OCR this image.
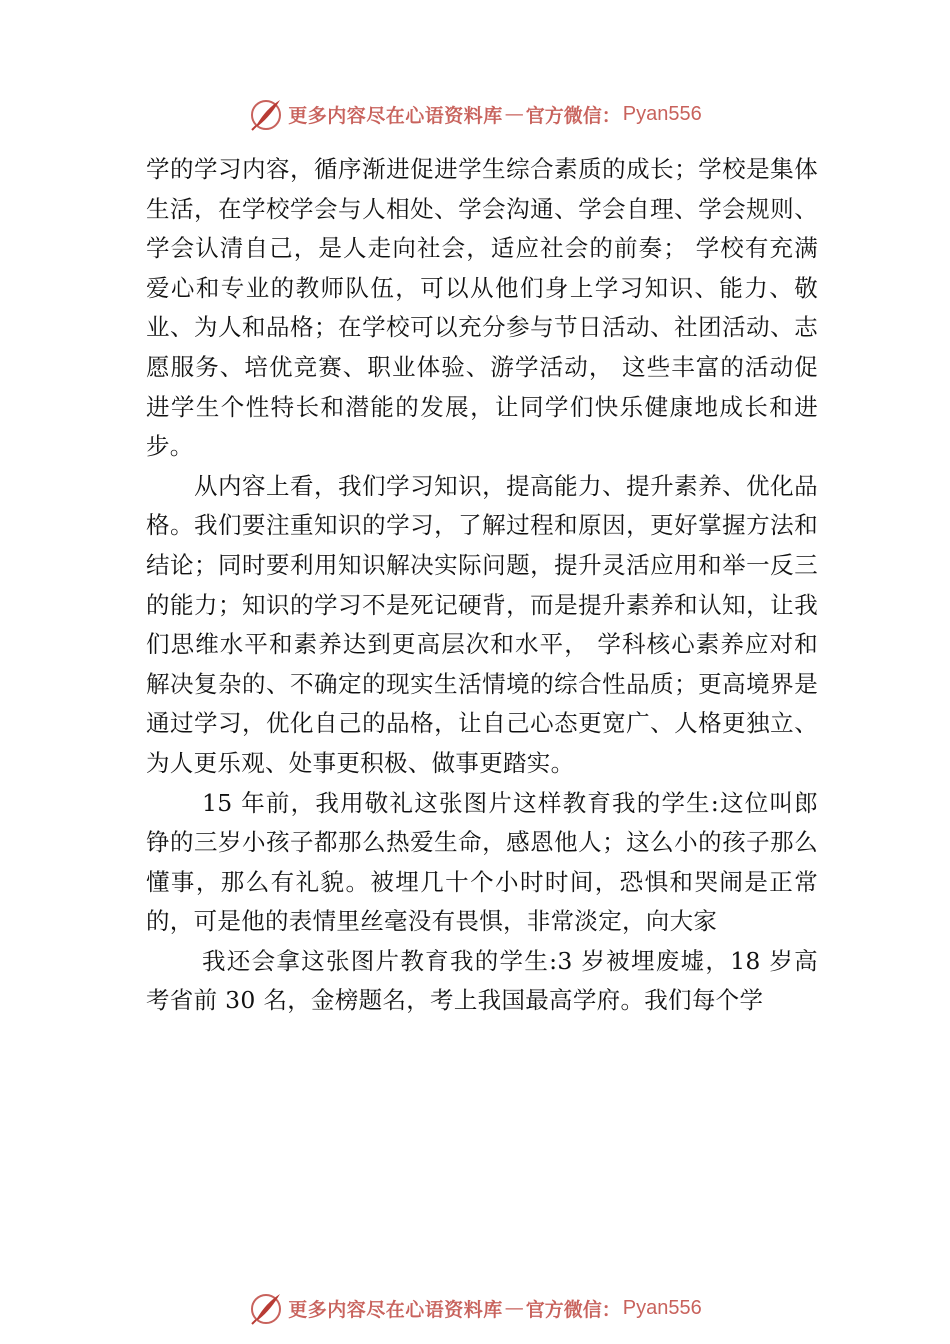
更多内容尽在心语资料库 — 官方微信： Pyan556

学的学习内容，循序渐进促进学生综合素质的成长；学校是集体生活，在学校学会与人相处、学会沟通、学会自理、学会规则、学会认清自己，是人走向社会，适应社会的前奏； 学校有充满爱心和专业的教师队伍，可以从他们身上学习知识、能力、敬业、为人和品格；在学校可以充分参与节日活动、社团活动、志愿服务、培优竞赛、职业体验、游学活动， 这些丰富的活动促进学生个性特长和潜能的发展，让同学们快乐健康地成长和进步。

从内容上看，我们学习知识，提高能力、提升素养、优化品格。我们要注重知识的学习，了解过程和原因，更好掌握方法和结论；同时要利用知识解决实际问题，提升灵活应用和举一反三的能力；知识的学习不是死记硬背，而是提升素养和认知，让我们思维水平和素养达到更高层次和水平， 学科核心素养应对和解决复杂的、不确定的现实生活情境的综合性品质；更高境界是通过学习，优化自己的品格，让自己心态更宽广、人格更独立、为人更乐观、处事更积极、做事更踏实。

15 年前，我用敬礼这张图片这样教育我的学生:这位叫郎铮的三岁小孩子都那么热爱生命，感恩他人；这么小的孩子那么懂事，那么有礼貌。被埋几十个小时时间，恐惧和哭闹是正常的，可是他的表情里丝毫没有畏惧，非常淡定，向大家

我还会拿这张图片教育我的学生:3 岁被埋废墟，18 岁高考省前 30 名，金榜题名，考上我国最高学府。我们每个学

更多内容尽在心语资料库 — 官方微信： Pyan556
